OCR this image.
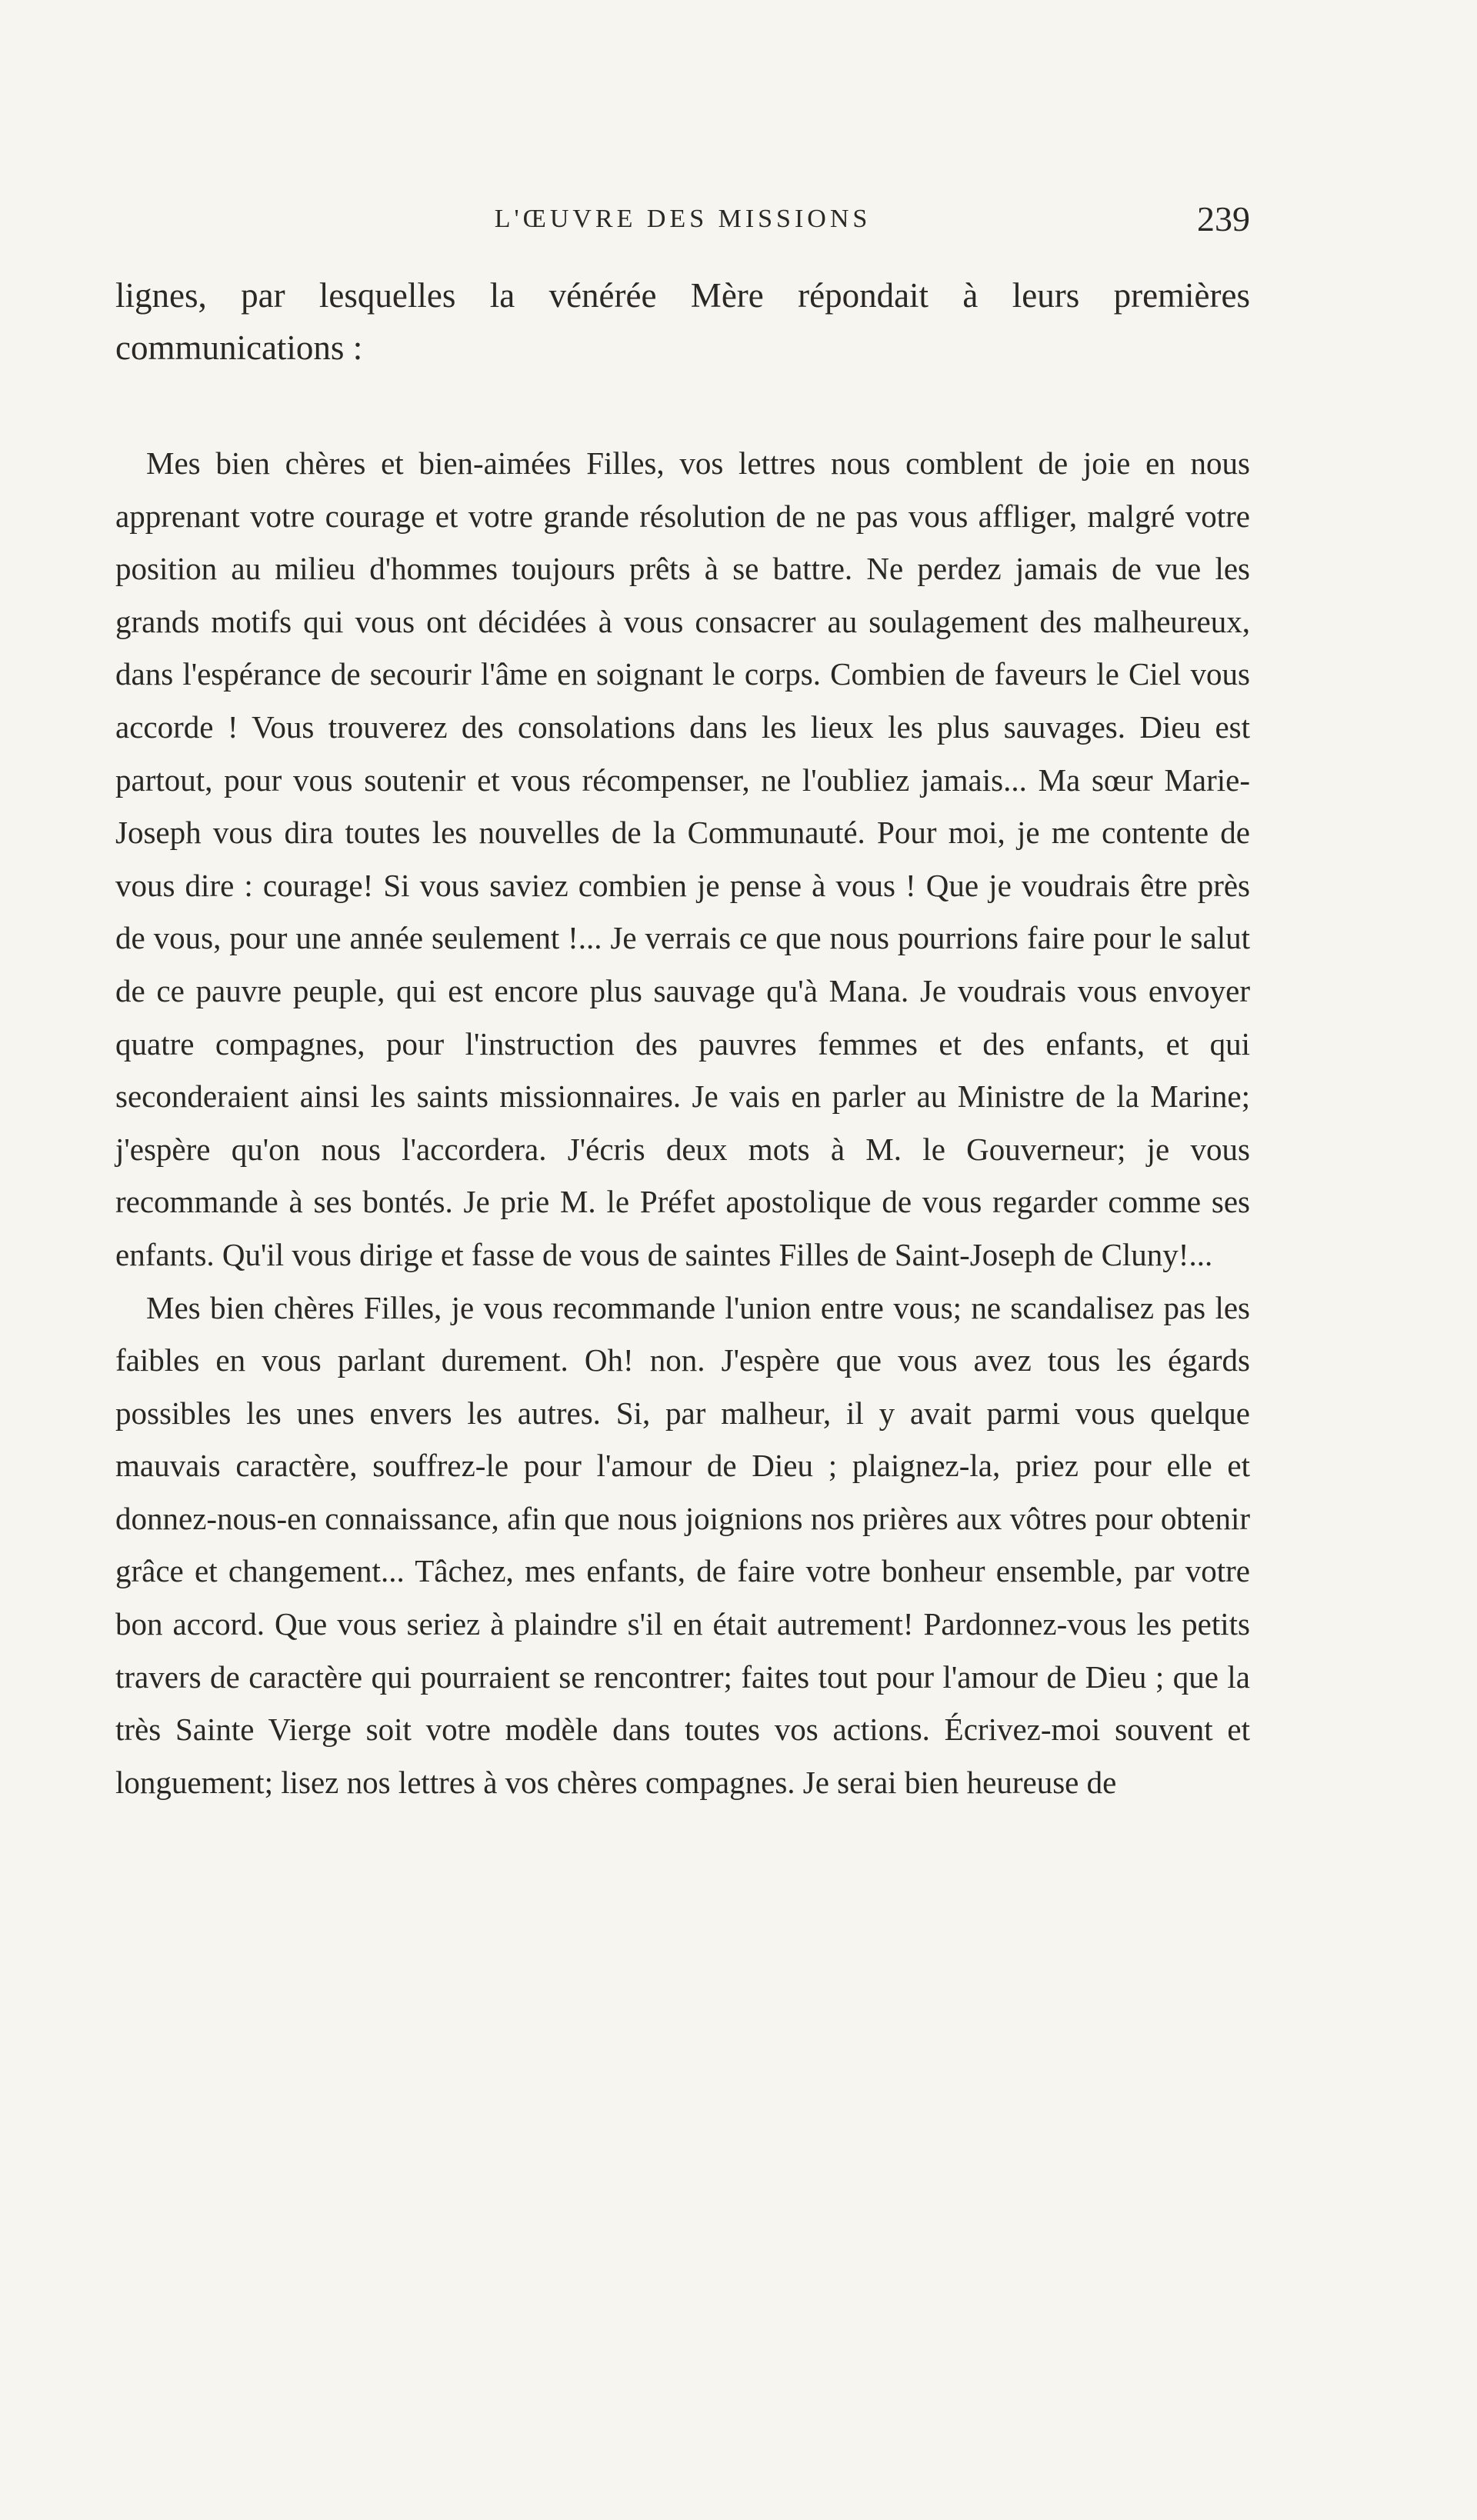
L'ŒUVRE DES MISSIONS	239
lignes, par lesquelles la vénérée Mère répondait à leurs premières communications :

Mes bien chères et bien-aimées Filles, vos lettres nous comblent de joie en nous apprenant votre courage et votre grande résolution de ne pas vous affliger, malgré votre position au milieu d'hommes toujours prêts à se battre. Ne perdez jamais de vue les grands motifs qui vous ont décidées à vous consacrer au soulagement des malheureux, dans l'espérance de secourir l'âme en soignant le corps. Combien de faveurs le Ciel vous accorde ! Vous trouverez des consolations dans les lieux les plus sauvages. Dieu est partout, pour vous soutenir et vous récompenser, ne l'oubliez jamais... Ma sœur Marie-Joseph vous dira toutes les nouvelles de la Communauté. Pour moi, je me contente de vous dire : courage! Si vous saviez combien je pense à vous ! Que je voudrais être près de vous, pour une année seulement !... Je verrais ce que nous pourrions faire pour le salut de ce pauvre peuple, qui est encore plus sauvage qu'à Mana. Je voudrais vous envoyer quatre compagnes, pour l'instruction des pauvres femmes et des enfants, et qui seconderaient ainsi les saints missionnaires. Je vais en parler au Ministre de la Marine; j'espère qu'on nous l'accordera. J'écris deux mots à M. le Gouverneur; je vous recommande à ses bontés. Je prie M. le Préfet apostolique de vous regarder comme ses enfants. Qu'il vous dirige et fasse de vous de saintes Filles de Saint-Joseph de Cluny!...

Mes bien chères Filles, je vous recommande l'union entre vous; ne scandalisez pas les faibles en vous parlant durement. Oh! non. J'espère que vous avez tous les égards possibles les unes envers les autres. Si, par malheur, il y avait parmi vous quelque mauvais caractère, souffrez-le pour l'amour de Dieu ; plaignez-la, priez pour elle et donnez-nous-en connaissance, afin que nous joignions nos prières aux vôtres pour obtenir grâce et changement... Tâchez, mes enfants, de faire votre bonheur ensemble, par votre bon accord. Que vous seriez à plaindre s'il en était autrement! Pardonnez-vous les petits travers de caractère qui pourraient se rencontrer; faites tout pour l'amour de Dieu ; que la très Sainte Vierge soit votre modèle dans toutes vos actions. Écrivez-moi souvent et longuement; lisez nos lettres à vos chères compagnes. Je serai bien heureuse de
